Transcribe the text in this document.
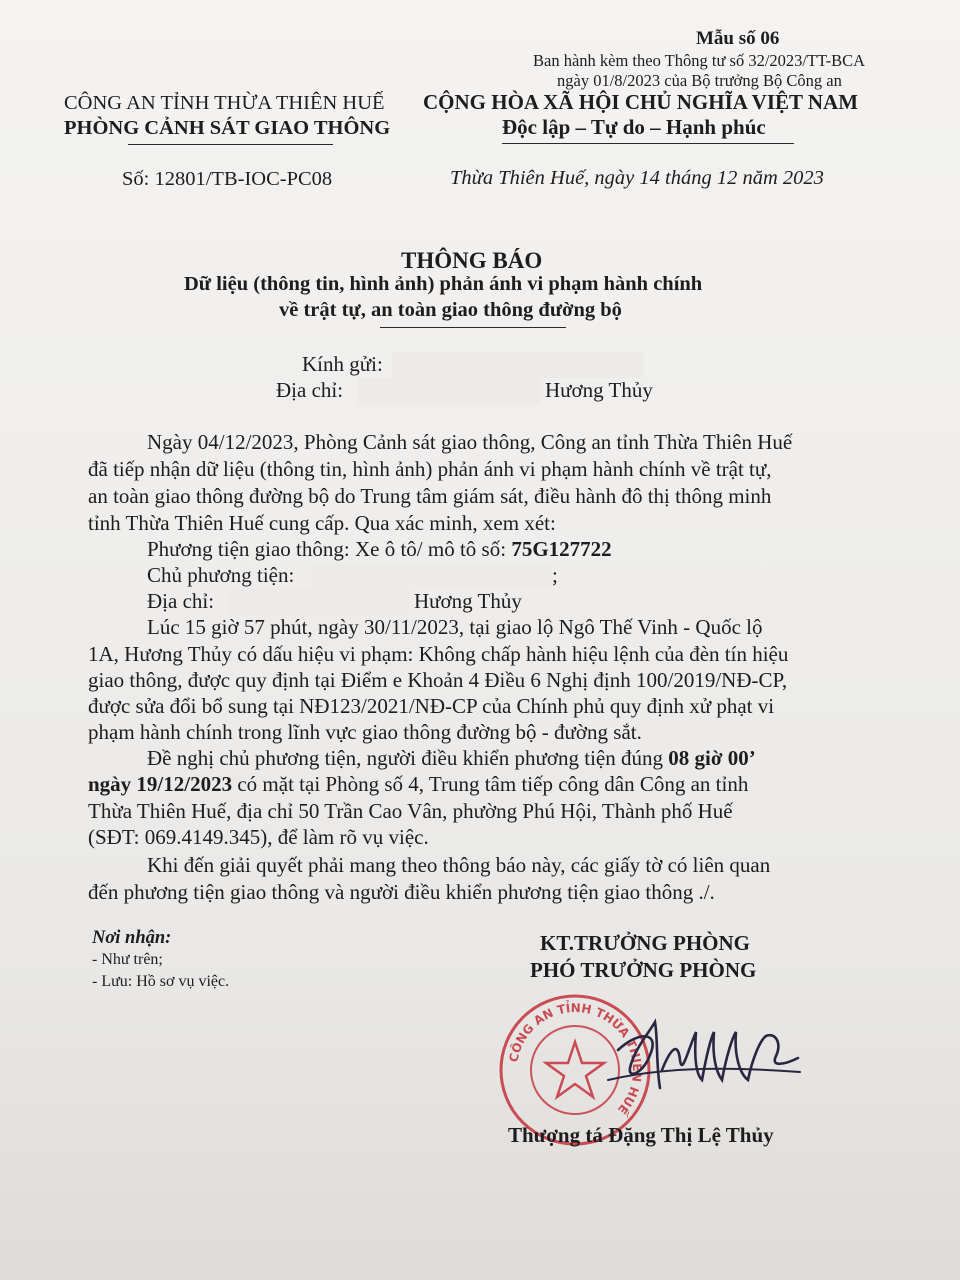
Mẫu số 06
Ban hành kèm theo Thông tư số 32/2023/TT-BCA
ngày 01/8/2023 của Bộ trưởng Bộ Công an
CÔNG AN TỈNH THỪA THIÊN HUẾ
PHÒNG CẢNH SÁT GIAO THÔNG
Số: 12801/TB-IOC-PC08
CỘNG HÒA XÃ HỘI CHỦ NGHĨA VIỆT NAM
Độc lập – Tự do – Hạnh phúc
Thừa Thiên Huế, ngày 14 tháng 12 năm 2023
THÔNG BÁO
Dữ liệu (thông tin, hình ảnh) phản ánh vi phạm hành chính
về trật tự, an toàn giao thông đường bộ
Kính gửi:
Địa chỉ:	Hương Thủy
Ngày 04/12/2023, Phòng Cảnh sát giao thông, Công an tỉnh Thừa Thiên Huế
đã tiếp nhận dữ liệu (thông tin, hình ảnh) phản ánh vi phạm hành chính về trật tự,
an toàn giao thông đường bộ do Trung tâm giám sát, điều hành đô thị thông minh
tỉnh Thừa Thiên Huế cung cấp. Qua xác minh, xem xét:
Phương tiện giao thông: Xe ô tô/ mô tô số: 75G127722
Chủ phương tiện:	;
Địa chỉ:	Hương Thủy
Lúc 15 giờ 57 phút, ngày 30/11/2023, tại giao lộ Ngô Thế Vinh - Quốc lộ
1A, Hương Thủy có dấu hiệu vi phạm: Không chấp hành hiệu lệnh của đèn tín hiệu
giao thông, được quy định tại Điểm e Khoản 4 Điều 6 Nghị định 100/2019/NĐ-CP,
được sửa đổi bổ sung tại NĐ123/2021/NĐ-CP của Chính phủ quy định xử phạt vi
phạm hành chính trong lĩnh vực giao thông đường bộ - đường sắt.
Đề nghị chủ phương tiện, người điều khiển phương tiện đúng 08 giờ 00’
ngày 19/12/2023 có mặt tại Phòng số 4, Trung tâm tiếp công dân Công an tỉnh
Thừa Thiên Huế, địa chỉ 50 Trần Cao Vân, phường Phú Hội, Thành phố Huế
(SĐT: 069.4149.345), để làm rõ vụ việc.
Khi đến giải quyết phải mang theo thông báo này, các giấy tờ có liên quan
đến phương tiện giao thông và người điều khiển phương tiện giao thông ./.
Nơi nhận:
- Như trên;
- Lưu: Hồ sơ vụ việc.
KT.TRƯỞNG PHÒNG
PHÓ TRƯỞNG PHÒNG
CÔNG AN TỈNH THỪA THIÊN HUẾ
Thượng tá Đặng Thị Lệ Thủy
